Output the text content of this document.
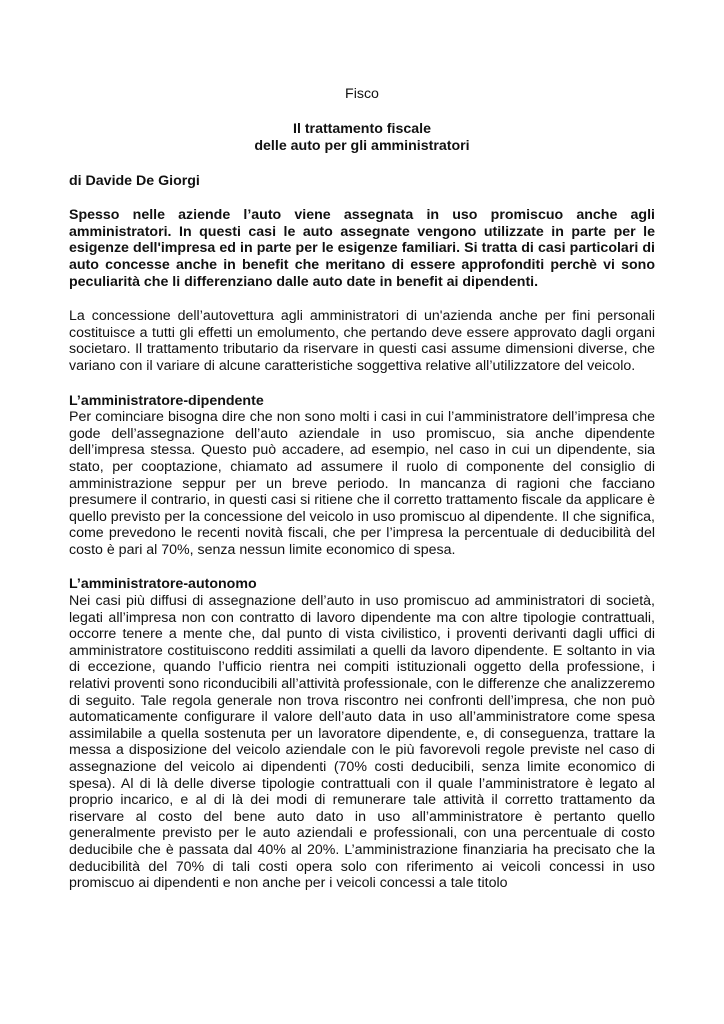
Fisco

Il trattamento fiscale
delle auto per gli amministratori

di Davide De Giorgi

Spesso nelle aziende l’auto viene assegnata in uso promiscuo anche agli amministratori. In questi casi le auto assegnate vengono utilizzate in parte per le esigenze dell'impresa ed in parte per le esigenze familiari. Si tratta di casi particolari di auto concesse anche in benefit che meritano di essere approfonditi perchè vi sono peculiarità che li differenziano dalle auto date in benefit ai dipendenti.

La concessione dell’autovettura agli amministratori di un'azienda anche per fini personali costituisce a tutti gli effetti un emolumento, che pertando deve essere approvato dagli organi societaro. Il trattamento tributario da riservare in questi casi assume dimensioni diverse, che variano con il variare di alcune caratteristiche soggettiva relative all’utilizzatore del veicolo.

L’amministratore-dipendente

Per cominciare bisogna dire che non sono molti i casi in cui l’amministratore dell’impresa che gode dell’assegnazione dell’auto aziendale in uso promiscuo, sia anche dipendente dell’impresa stessa. Questo può accadere, ad esempio, nel caso in cui un dipendente, sia stato, per cooptazione, chiamato ad assumere il ruolo di componente del consiglio di amministrazione seppur per un breve periodo. In mancanza di ragioni che facciano presumere il contrario, in questi casi si ritiene che il corretto trattamento fiscale da applicare è quello previsto per la concessione del veicolo in uso promiscuo al dipendente. Il che significa, come prevedono le recenti novità fiscali, che per l’impresa la percentuale di deducibilità del costo è pari al 70%, senza nessun limite economico di spesa.

L’amministratore-autonomo

Nei casi più diffusi di assegnazione dell’auto in uso promiscuo ad amministratori di società, legati all’impresa non con contratto di lavoro dipendente ma con altre tipologie contrattuali, occorre tenere a mente che, dal punto di vista civilistico, i proventi derivanti dagli uffici di amministratore costituiscono redditi assimilati a quelli da lavoro dipendente. E soltanto in via di eccezione, quando l’ufficio rientra nei compiti istituzionali oggetto della professione, i relativi proventi sono riconducibili all’attività professionale, con le differenze che analizzeremo di seguito. Tale regola generale non trova riscontro nei confronti dell’impresa, che non può automaticamente configurare il valore dell’auto data in uso all’amministratore come spesa assimilabile a quella sostenuta per un lavoratore dipendente, e, di conseguenza, trattare la messa a disposizione del veicolo aziendale con le più favorevoli regole previste nel caso di assegnazione del veicolo ai dipendenti (70% costi deducibili, senza limite economico di spesa). Al di là delle diverse tipologie contrattuali con il quale l’amministratore è legato al proprio incarico, e al di là dei modi di remunerare tale attività il corretto trattamento da riservare al costo del bene auto dato in uso all’amministratore è pertanto quello generalmente previsto per le auto aziendali e professionali, con una percentuale di costo deducibile che è passata dal 40% al 20%. L’amministrazione finanziaria ha precisato che la deducibilità del 70% di tali costi opera solo con riferimento ai veicoli concessi in uso promiscuo ai dipendenti e non anche per i veicoli concessi a tale titolo
